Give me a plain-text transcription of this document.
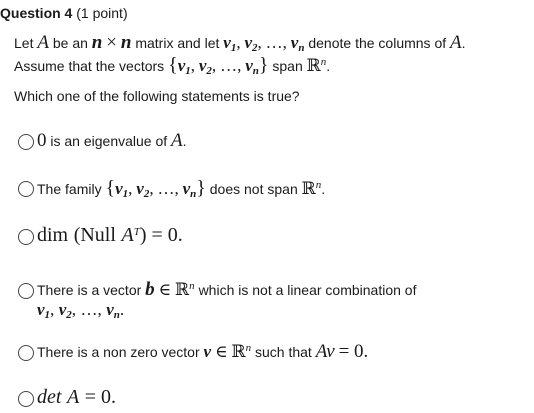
Question 4 (1 point)
Let A be an n × n matrix and let $v_1$, $v_2$, …, $v_n$ denote the columns of A.
Assume that the vectors {$v_1$, $v_2$, …, $v_n$} span ℝ$^n$.
Which one of the following statements is true?
0 is an eigenvalue of A.
The family {$v_1$, $v_2$, …, $v_n$} does not span ℝ$^n$.
dim (Null $A^T) = 0$.
There is a vector b ∈ ℝ$^n$ which is not a linear combination of
$v_1$, $v_2$, …, $v_n$.
There is a non zero vector v ∈ ℝ$^n$ such that Av = 0.
det A = 0.
